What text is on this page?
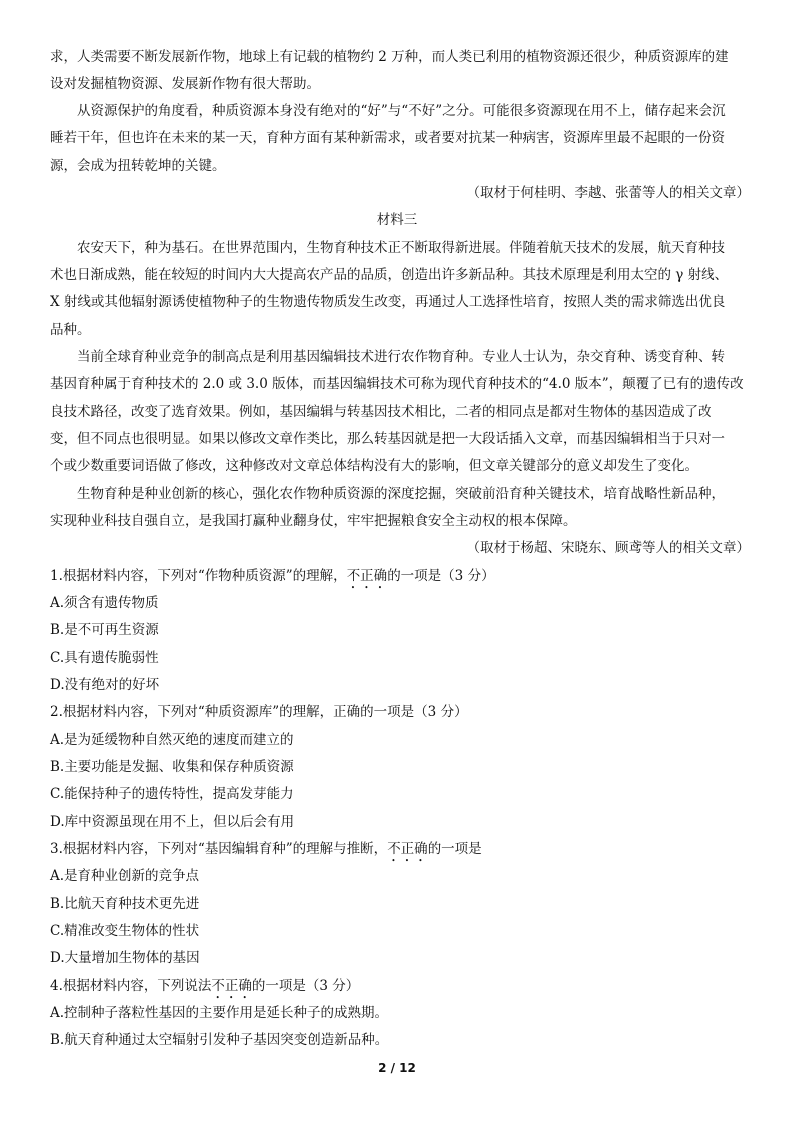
求，人类需要不断发展新作物，地球上有记载的植物约 2 万种，而人类已利用的植物资源还很少，种质资源库的建
设对发掘植物资源、发展新作物有很大帮助。
从资源保护的角度看，种质资源本身没有绝对的“好”与“不好”之分。可能很多资源现在用不上，储存起来会沉
睡若干年，但也许在未来的某一天，育种方面有某种新需求，或者要对抗某一种病害，资源库里最不起眼的一份资
源，会成为扭转乾坤的关键。
（取材于何桂明、李越、张蕾等人的相关文章）
材料三
农安天下，种为基石。在世界范围内，生物育种技术正不断取得新进展。伴随着航天技术的发展，航天育种技
术也日渐成熟，能在较短的时间内大大提高农产品的品质，创造出许多新品种。其技术原理是利用太空的 γ 射线、
X 射线或其他辐射源诱使植物种子的生物遗传物质发生改变，再通过人工选择性培育，按照人类的需求筛选出优良
品种。
当前全球育种业竞争的制高点是利用基因编辑技术进行农作物育种。专业人士认为，杂交育种、诱变育种、转
基因育种属于育种技术的 2.0 或 3.0 版体，而基因编辑技术可称为现代育种技术的“4.0 版本”，颠覆了已有的遗传改
良技术路径，改变了选育效果。例如，基因编辑与转基因技术相比，二者的相同点是都对生物体的基因造成了改
变，但不同点也很明显。如果以修改文章作类比，那么转基因就是把一大段话插入文章，而基因编辑相当于只对一
个或少数重要词语做了修改，这种修改对文章总体结构没有大的影响，但文章关键部分的意义却发生了变化。
生物育种是种业创新的核心，强化农作物种质资源的深度挖掘，突破前沿育种关键技术，培育战略性新品种，
实现种业科技自强自立，是我国打赢种业翻身仗，牢牢把握粮食安全主动权的根本保障。
（取材于杨超、宋晓东、顾鸢等人的相关文章）
1.根据材料内容，下列对“作物种质资源”的理解，不正确的一项是（3 分）
A.须含有遗传物质
B.是不可再生资源
C.具有遗传脆弱性
D.没有绝对的好坏
2.根据材料内容，下列对“种质资源库”的理解，正确的一项是（3 分）
A.是为延缓物种自然灭绝的速度而建立的
B.主要功能是发掘、收集和保存种质资源
C.能保持种子的遗传特性，提高发芽能力
D.库中资源虽现在用不上，但以后会有用
3.根据材料内容，下列对“基因编辑育种”的理解与推断，不正确的一项是
A.是育种业创新的竞争点
B.比航天育种技术更先进
C.精准改变生物体的性状
D.大量增加生物体的基因
4.根据材料内容，下列说法不正确的一项是（3 分）
A.控制种子落粒性基因的主要作用是延长种子的成熟期。
B.航天育种通过太空辐射引发种子基因突变创造新品种。
2 / 12
